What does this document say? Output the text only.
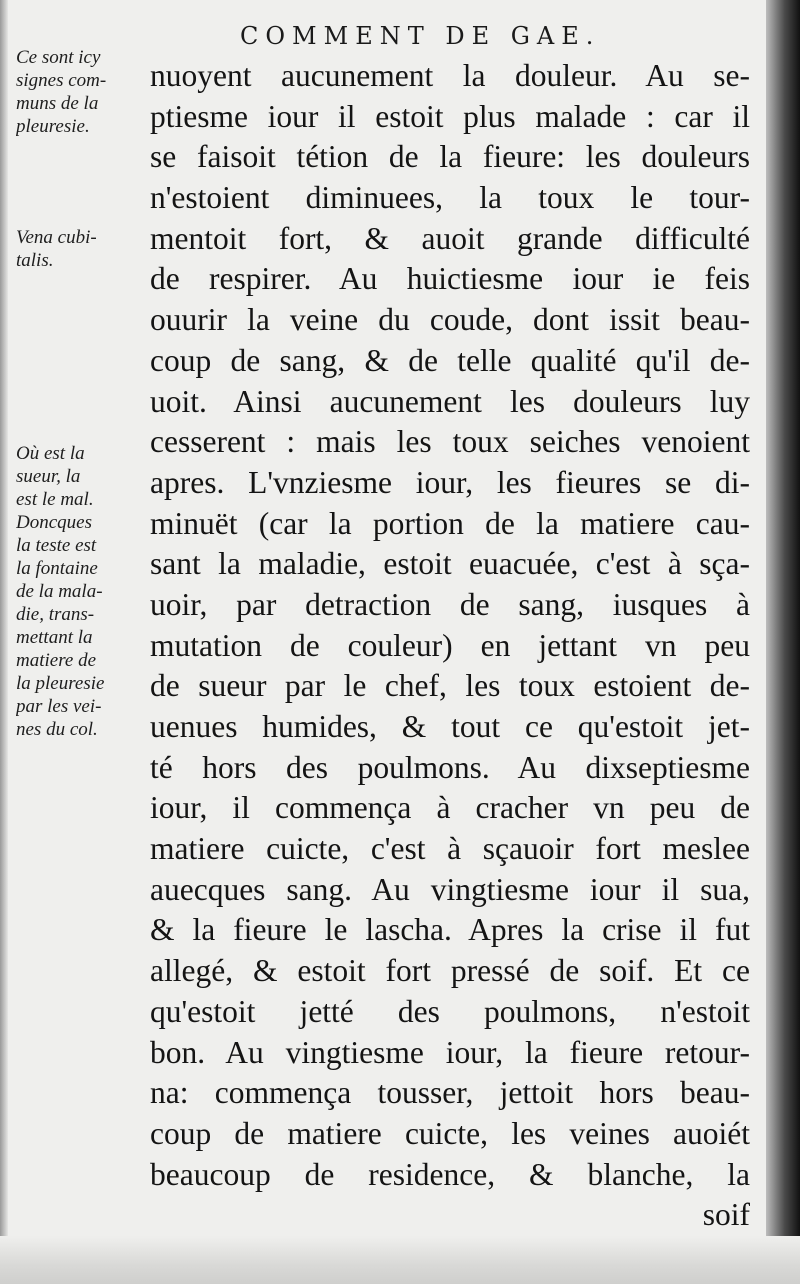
COMMENT DE GAE.
Ce sont icy
signes com-
muns de la
pleuresie.
Vena cubi-
talis.
Où est la
sueur, la
est le mal.
Doncques
la teste est
la fontaine
de la mala-
die, trans-
mettant la
matiere de
la pleuresie
par les vei-
nes du col.
nuoyent aucunement la douleur. Au se-
ptiesme iour il estoit plus malade : car il
se faisoit tétion de la fieure: les douleurs
n'estoient diminuees, la toux le tour-
mentoit fort, & auoit grande difficulté
de respirer. Au huictiesme iour ie feis
ouurir la veine du coude, dont issit beau-
coup de sang, & de telle qualité qu'il de-
uoit. Ainsi aucunement les douleurs luy
cesserent : mais les toux seiches venoient
apres. L'vnziesme iour, les fieures se di-
minuët (car la portion de la matiere cau-
sant la maladie, estoit euacuée, c'est à sça-
uoir, par detraction de sang, iusques à
mutation de couleur) en jettant vn peu
de sueur par le chef, les toux estoient de-
uenues humides, & tout ce qu'estoit jet-
té hors des poulmons. Au dixseptiesme
iour, il commença à cracher vn peu de
matiere cuicte, c'est à sçauoir fort meslee
auecques sang. Au vingtiesme iour il sua,
& la fieure le lascha. Apres la crise il fut
allegé, & estoit fort pressé de soif. Et ce
qu'estoit jetté des poulmons, n'estoit
bon. Au vingtiesme iour, la fieure retour-
na: commença tousser, jettoit hors beau-
coup de matiere cuicte, les veines auoiét
beaucoup de residence, & blanche, la
soif
